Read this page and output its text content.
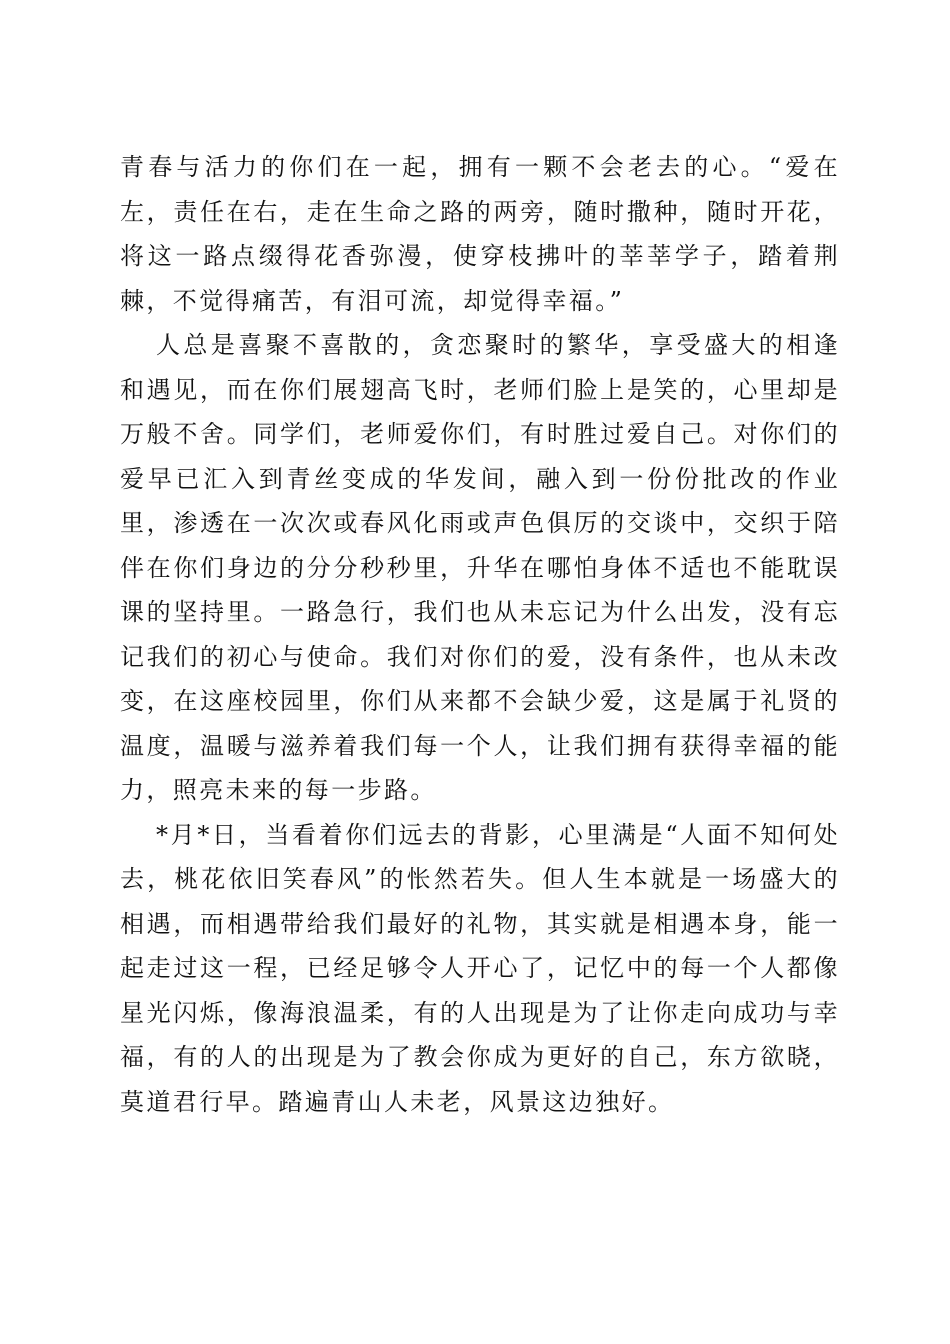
青春与活力的你们在一起，拥有一颗不会老去的心。“爱在左，责任在右，走在生命之路的两旁，随时撒种，随时开花，将这一路点缀得花香弥漫，使穿枝拂叶的莘莘学子，踏着荆棘，不觉得痛苦，有泪可流，却觉得幸福。”

人总是喜聚不喜散的，贪恋聚时的繁华，享受盛大的相逢和遇见，而在你们展翅高飞时，老师们脸上是笑的，心里却是万般不舍。同学们，老师爱你们，有时胜过爱自己。对你们的爱早已汇入到青丝变成的华发间，融入到一份份批改的作业里，渗透在一次次或春风化雨或声色俱厉的交谈中，交织于陪伴在你们身边的分分秒秒里，升华在哪怕身体不适也不能耽误课的坚持里。一路急行，我们也从未忘记为什么出发，没有忘记我们的初心与使命。我们对你们的爱，没有条件，也从未改变，在这座校园里，你们从来都不会缺少爱，这是属于礼贤的温度，温暖与滋养着我们每一个人，让我们拥有获得幸福的能力，照亮未来的每一步路。

*月*日，当看着你们远去的背影，心里满是“人面不知何处去，桃花依旧笑春风”的怅然若失。但人生本就是一场盛大的相遇，而相遇带给我们最好的礼物，其实就是相遇本身，能一起走过这一程，已经足够令人开心了，记忆中的每一个人都像星光闪烁，像海浪温柔，有的人出现是为了让你走向成功与幸福，有的人的出现是为了教会你成为更好的自己，东方欲晓，莫道君行早。踏遍青山人未老，风景这边独好。
